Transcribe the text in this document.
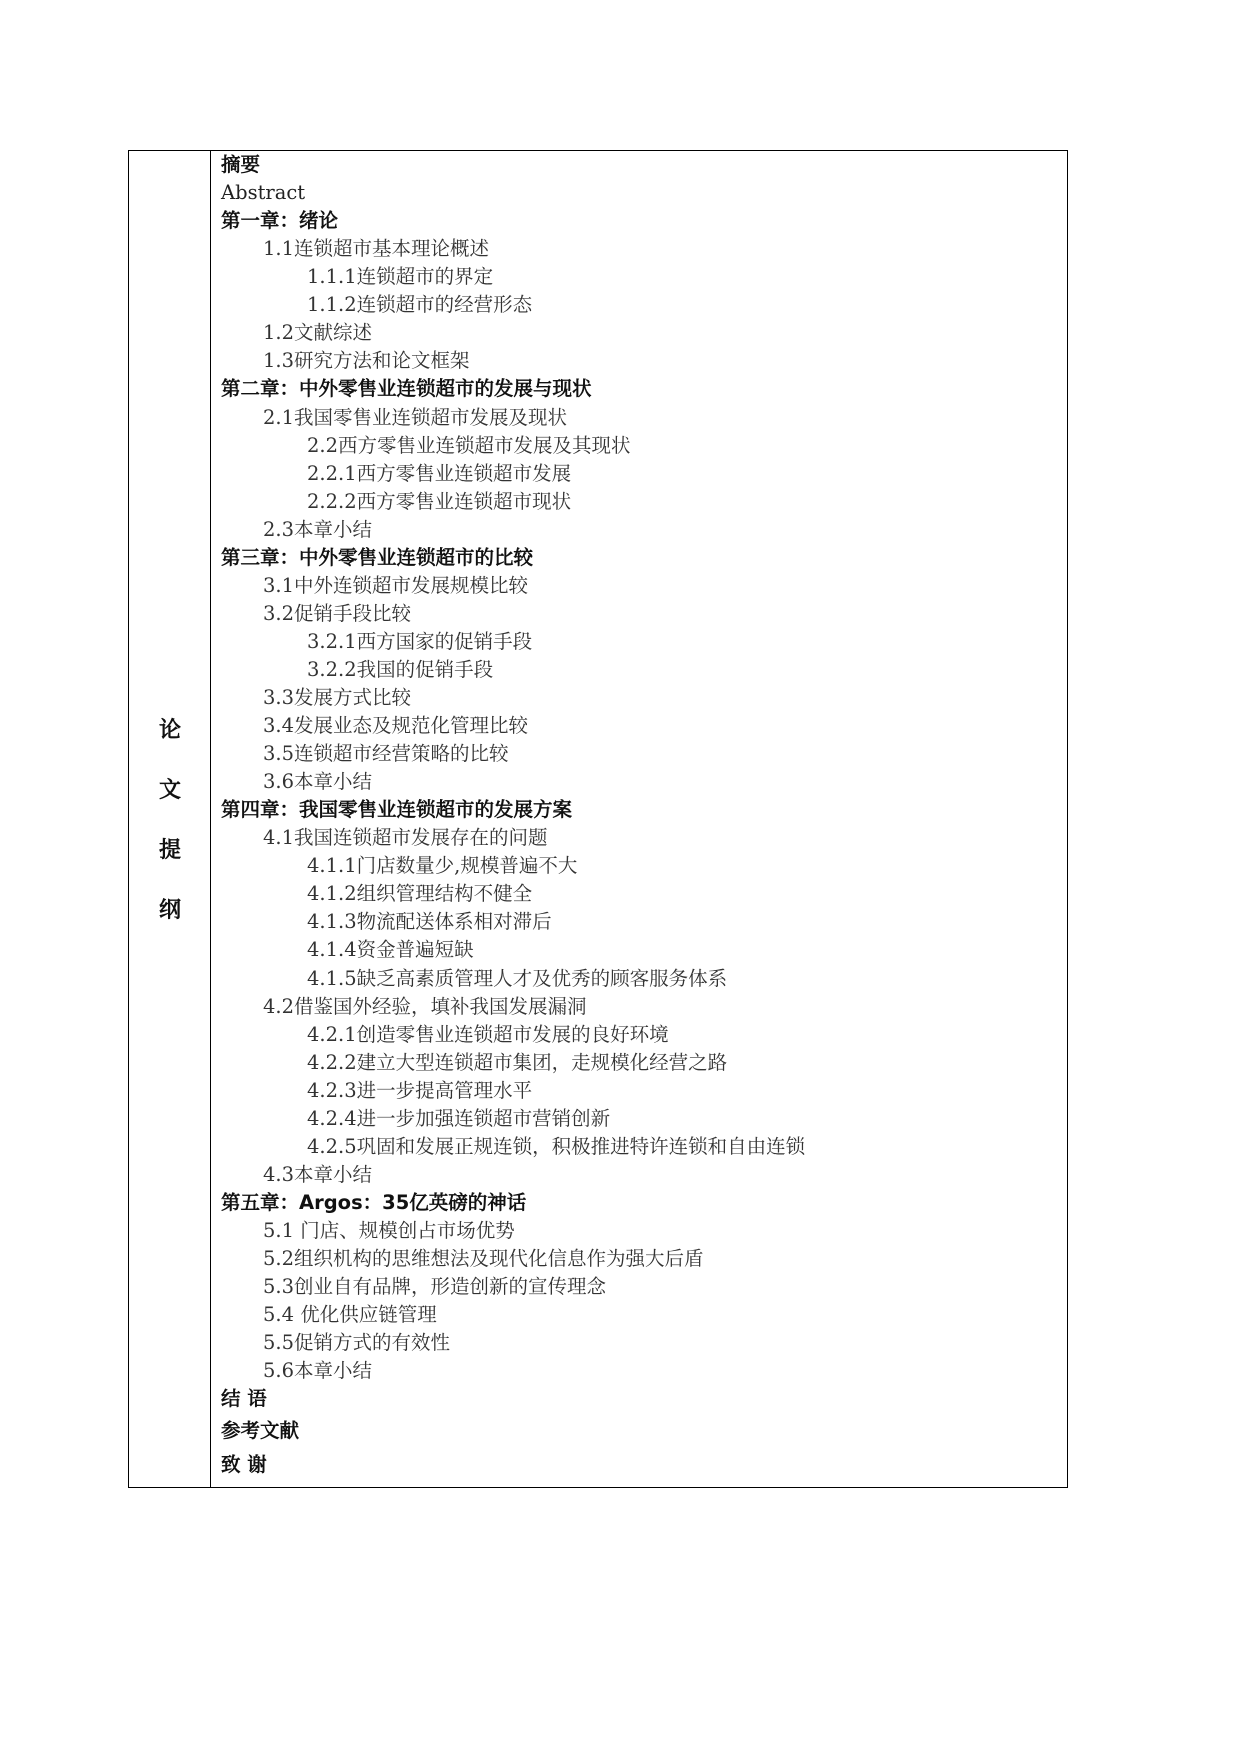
论
文
提
纲
摘要
Abstract
第一章：绪论
1.1连锁超市基本理论概述
1.1.1连锁超市的界定
1.1.2连锁超市的经营形态
1.2文献综述
1.3研究方法和论文框架
第二章：中外零售业连锁超市的发展与现状
2.1我国零售业连锁超市发展及现状
2.2西方零售业连锁超市发展及其现状
2.2.1西方零售业连锁超市发展
2.2.2西方零售业连锁超市现状
2.3本章小结
第三章：中外零售业连锁超市的比较
3.1中外连锁超市发展规模比较
3.2促销手段比较
3.2.1西方国家的促销手段
3.2.2我国的促销手段
3.3发展方式比较
3.4发展业态及规范化管理比较
3.5连锁超市经营策略的比较
3.6本章小结
第四章：我国零售业连锁超市的发展方案
4.1我国连锁超市发展存在的问题
4.1.1门店数量少,规模普遍不大
4.1.2组织管理结构不健全
4.1.3物流配送体系相对滞后
4.1.4资金普遍短缺
4.1.5缺乏高素质管理人才及优秀的顾客服务体系
4.2借鉴国外经验，填补我国发展漏洞
4.2.1创造零售业连锁超市发展的良好环境
4.2.2建立大型连锁超市集团，走规模化经营之路
4.2.3进一步提高管理水平
4.2.4进一步加强连锁超市营销创新
4.2.5巩固和发展正规连锁，积极推进特许连锁和自由连锁
4.3本章小结
第五章：Argos：35亿英磅的神话
5.1 门店、规模创占市场优势
5.2组织机构的思维想法及现代化信息作为强大后盾
5.3创业自有品牌，形造创新的宣传理念
5.4 优化供应链管理
5.5促销方式的有效性
5.6本章小结
结 语
参考文献
致 谢
